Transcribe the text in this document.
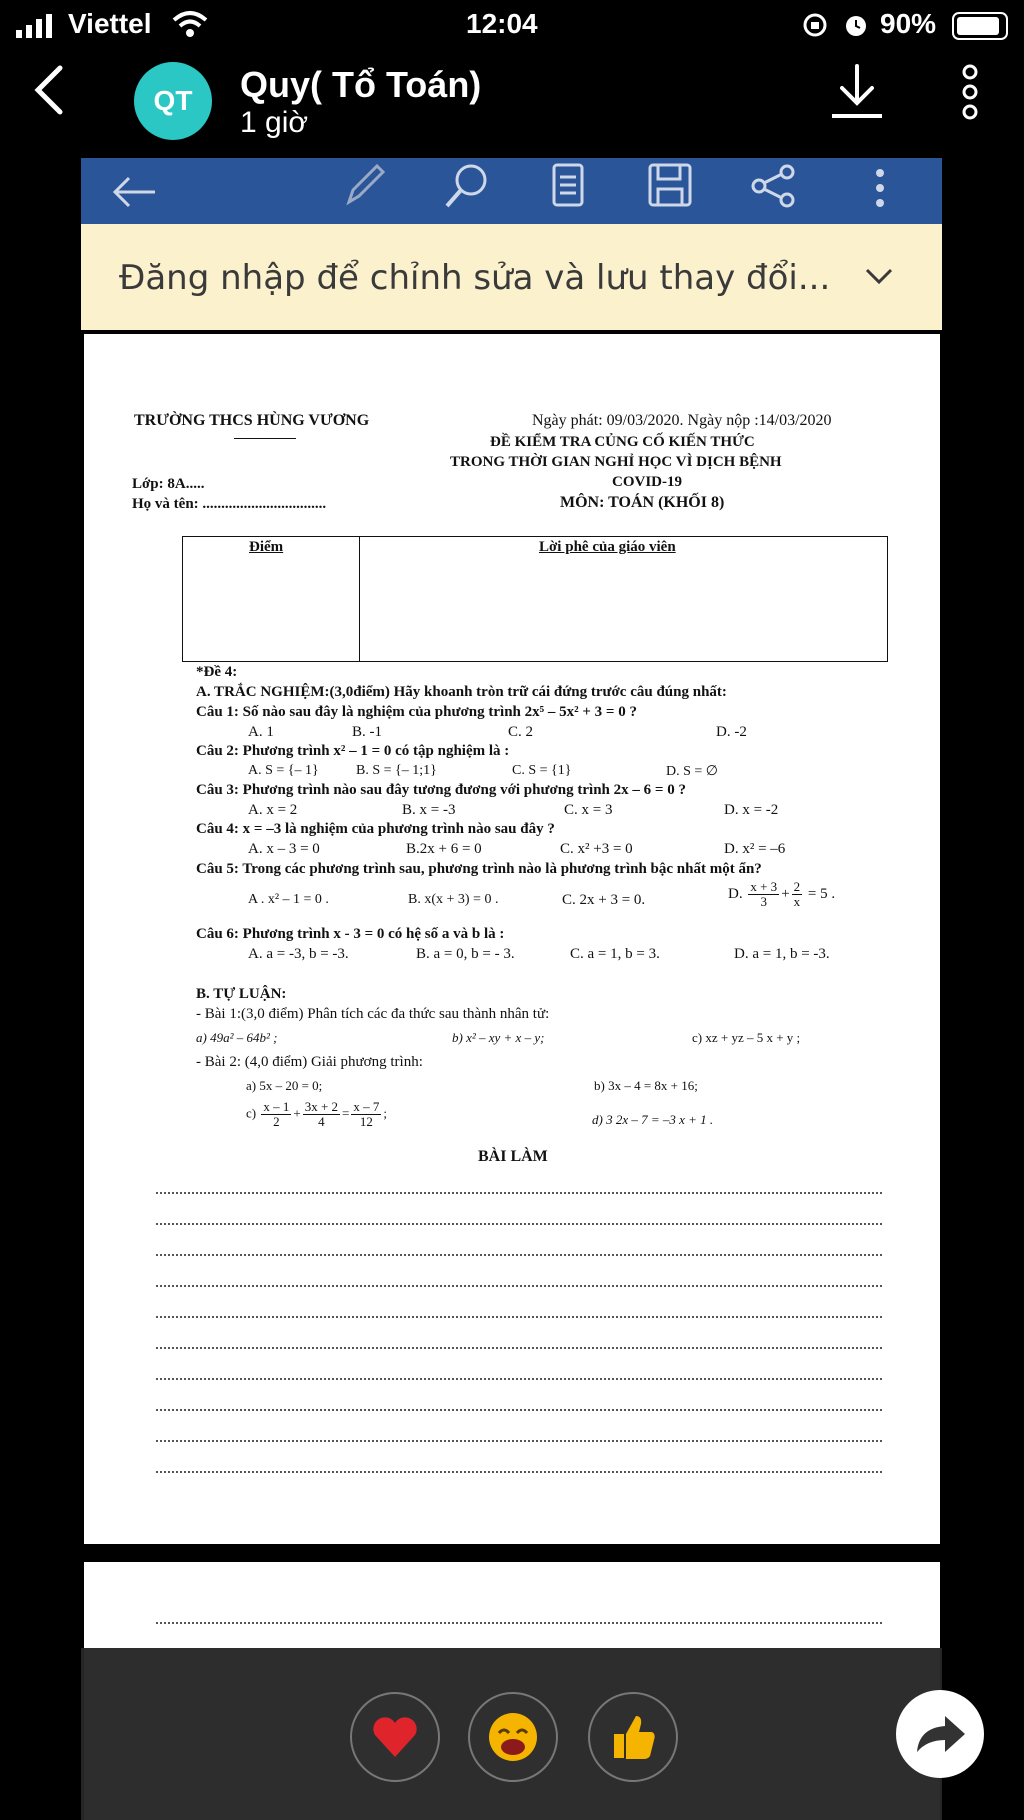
Viettel	12:04	90%
QT	Quy( Tổ Toán)
1 giờ
Đăng nhập để chỉnh sửa và lưu thay đổi...
TRƯỜNG THCS HÙNG VƯƠNG	Ngày phát: 09/03/2020. Ngày nộp :14/03/2020
ĐỀ KIỂM TRA CỦNG CỐ KIẾN THỨC
TRONG THỜI GIAN NGHỈ HỌC VÌ DỊCH BỆNH
COVID-19
MÔN: TOÁN (KHỐI 8)
Lớp: 8A.....
Họ và tên: .................................
Điểm	Lời phê của giáo viên
*Đề 4:
A. TRẮC NGHIỆM:(3,0điểm) Hãy khoanh tròn trữ cái đứng trước câu đúng nhất:
Câu 1: Số nào sau đây là nghiệm của phương trình 2x⁵ – 5x² + 3 = 0 ?
A. 1	B. -1	C. 2	D. -2
Câu 2: Phương trình x² – 1 = 0 có tập nghiệm là :
A. S = {– 1}	B. S = {– 1;1}	C. S = {1}	D. S = ∅
Câu 3: Phương trình nào sau đây tương đương với phương trình 2x – 6 = 0 ?
A. x = 2	B. x = -3	C. x = 3	D. x = -2
Câu 4: x = –3 là nghiệm của phương trình nào sau đây ?
A. x – 3 = 0	B.2x + 6 = 0	C. x² +3 = 0	D. x² = –6
Câu 5: Trong các phương trình sau, phương trình nào là phương trình bậc nhất một ẩn?
A . x² – 1 = 0 .	B. x(x + 3) = 0 .	C. 2x + 3 = 0.	D. $\frac{x + 3}{3} + \frac{2}{x} = 5$ .
Câu 6: Phương trình x - 3 = 0 có hệ số a và b là :
A. a = -3, b = -3.	B. a = 0, b = - 3.	C. a = 1, b = 3.	D. a = 1, b = -3.
B. TỰ LUẬN:
- Bài 1:(3,0 điểm) Phân tích các đa thức sau thành nhân tử:
a) 49a² – 64b² ;	b) x² – xy + x – y;	c) xz + yz – 5 x + y ;
- Bài 2: (4,0 điểm) Giải phương trình:
a) 5x – 20 = 0;	b) 3x – 4 = 8x + 16;
$c) \frac{x - 1}{2} + \frac{3x + 2}{4} = \frac{x - 7}{12}$ ;	d) 3 2x – 7 = –3 x + 1 .
BÀI LÀM
